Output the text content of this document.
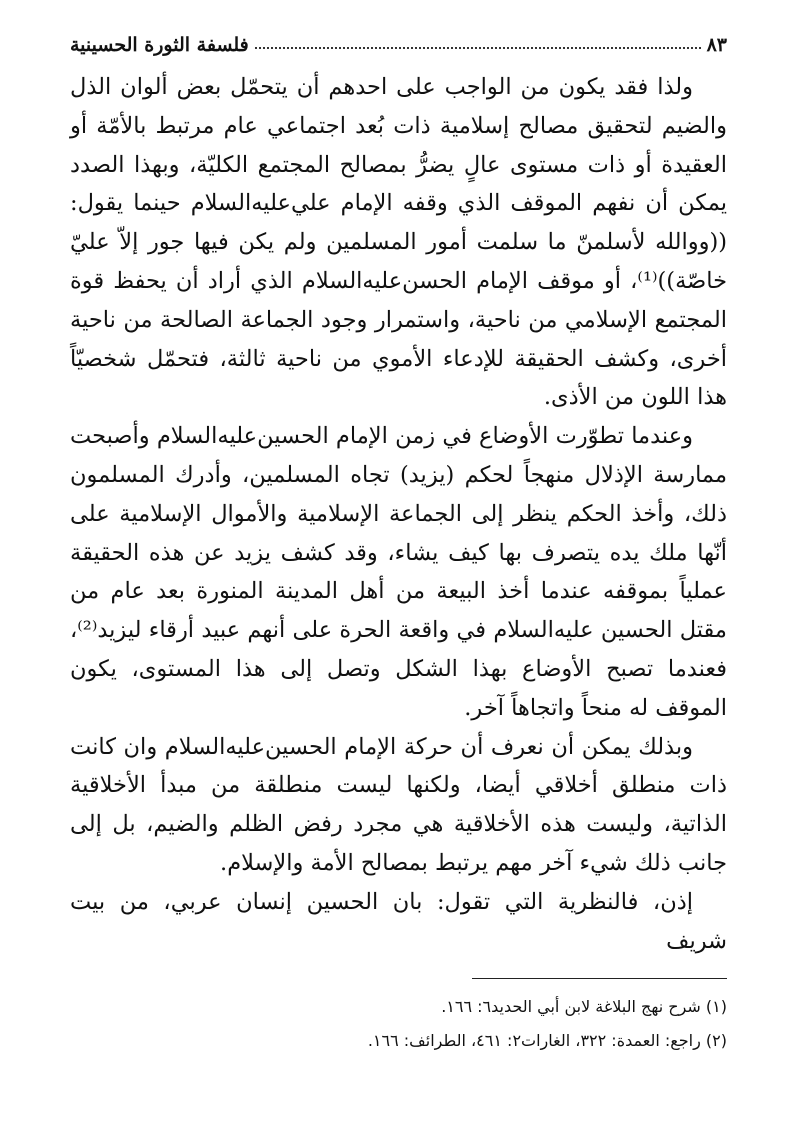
٨٣
فلسفة الثورة الحسينية

ولذا فقد يكون من الواجب على احدهم أن يتحمّل بعض ألوان الذل والضيم لتحقيق مصالح إسلامية ذات بُعد اجتماعي عام مرتبط بالأمّة أو العقيدة أو ذات مستوى عالٍ يضرُّ بمصالح المجتمع الكليّة، وبهذا الصدد يمكن أن نفهم الموقف الذي وقفه الإمام علي‌عليه‌السلام حينما يقول: ((ووالله لأسلمنّ ما سلمت أمور المسلمين ولم يكن فيها جور إلاّ عليّ خاصّة))⁽¹⁾، أو موقف الإمام الحسن‌عليه‌السلام الذي أراد أن يحفظ قوة المجتمع الإسلامي من ناحية، واستمرار وجود الجماعة الصالحة من ناحية أخرى، وكشف الحقيقة للإدعاء الأموي من ناحية ثالثة، فتحمّل شخصيّاً هذا اللون من الأذى.

وعندما تطوّرت الأوضاع في زمن الإمام الحسين‌عليه‌السلام وأصبحت ممارسة الإذلال منهجاً لحكم (يزيد) تجاه المسلمين، وأدرك المسلمون ذلك، وأخذ الحكم ينظر إلى الجماعة الإسلامية والأموال الإسلامية على أنّها ملك يده يتصرف بها كيف يشاء، وقد كشف يزيد عن هذه الحقيقة عملياً بموقفه عندما أخذ البيعة من أهل المدينة المنورة بعد عام من مقتل الحسين عليه‌السلام في واقعة الحرة على أنهم عبيد أرقاء ليزيد⁽²⁾، فعندما تصبح الأوضاع بهذا الشكل وتصل إلى هذا المستوى، يكون الموقف له منحاً واتجاهاً آخر.

وبذلك يمكن أن نعرف أن حركة الإمام الحسين‌عليه‌السلام وان كانت ذات منطلق أخلاقي أيضا، ولكنها ليست منطلقة من مبدأ الأخلاقية الذاتية، وليست هذه الأخلاقية هي مجرد رفض الظلم والضيم، بل إلى جانب ذلك شيء آخر مهم يرتبط بمصالح الأمة والإسلام.

إذن، فالنظرية التي تقول: بان الحسين إنسان عربي، من بيت شريف

(١) شرح نهج البلاغة لابن أبي الحديد٦: ١٦٦.

(٢) راجع: العمدة: ٣٢٢، الغارات٢: ٤٦١، الطرائف: ١٦٦.
